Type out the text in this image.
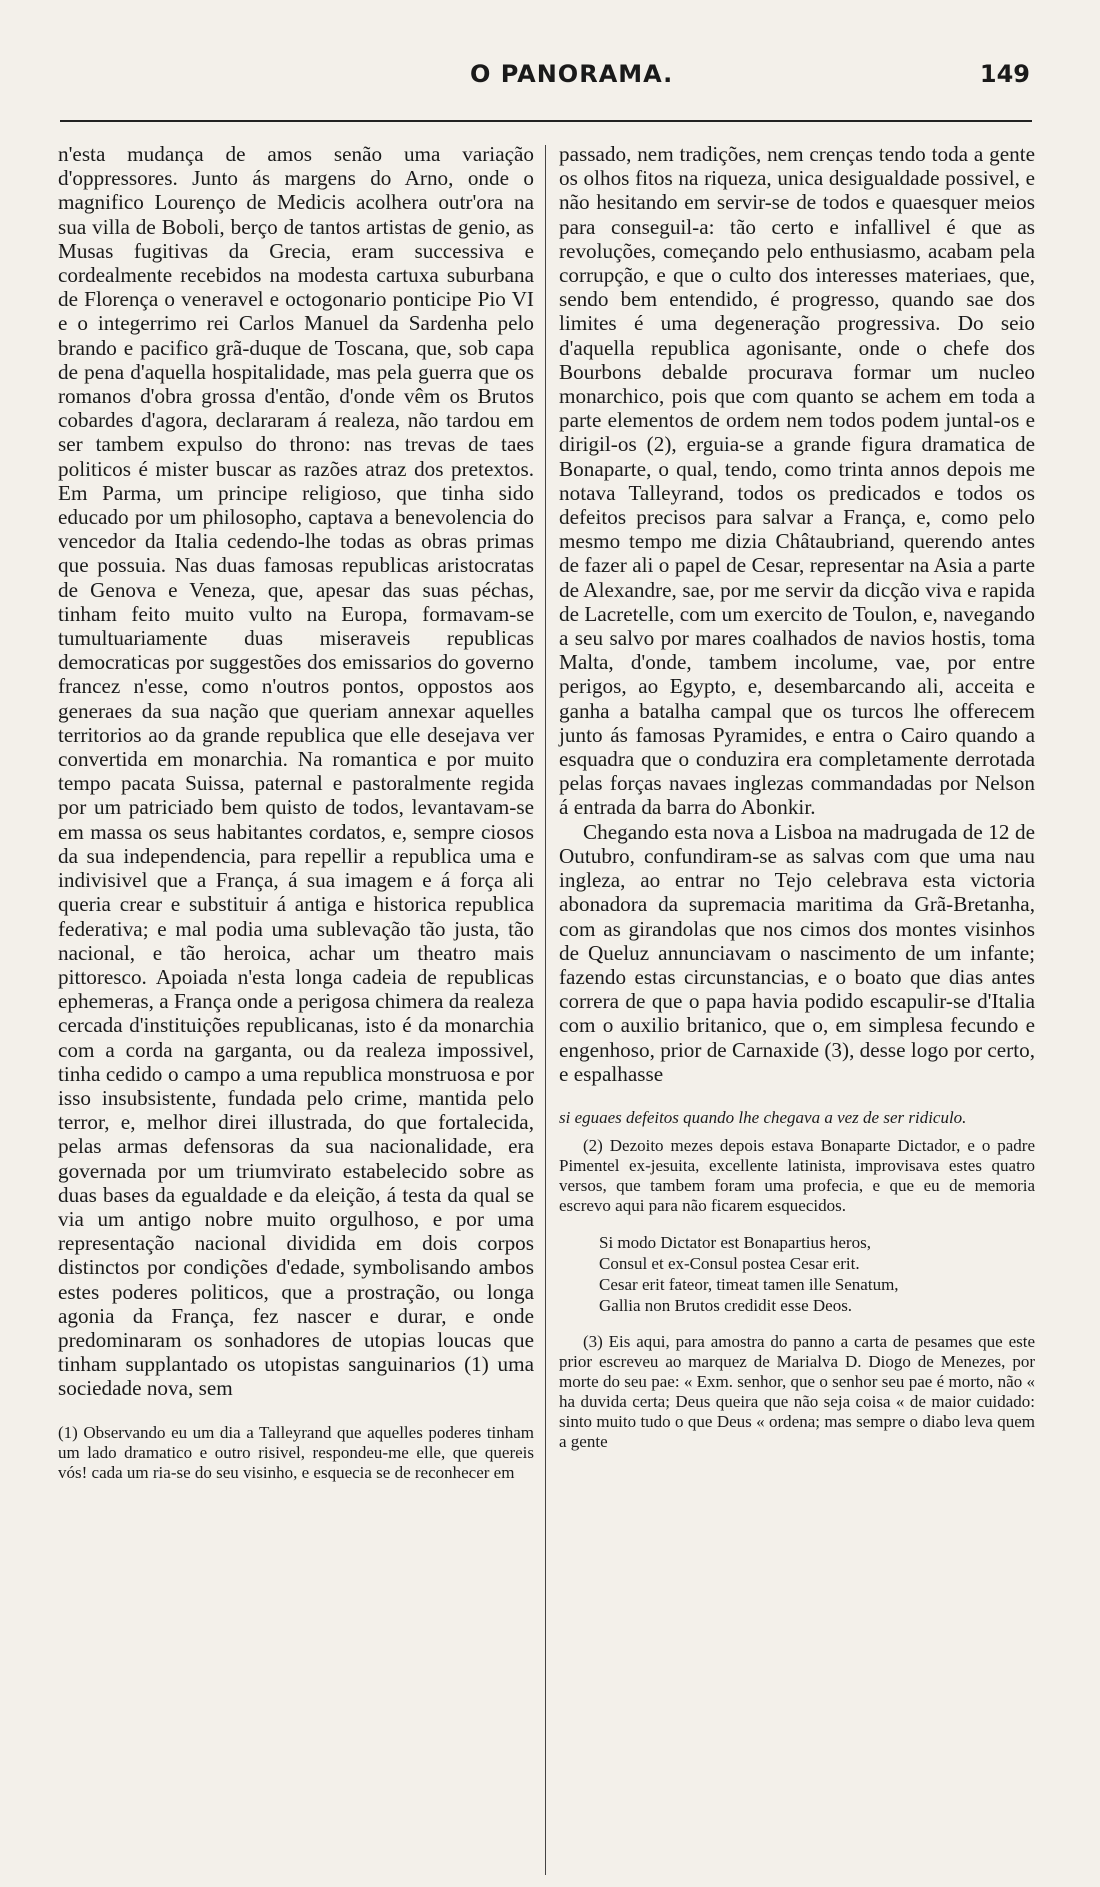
O PANORAMA.	149

n'esta mudança de amos senão uma variação d'oppressores. Junto ás margens do Arno, onde o magnifico Lourenço de Medicis acolhera outr'ora na sua villa de Boboli, berço de tantos artistas de genio, as Musas fugitivas da Grecia, eram successiva e cordealmente recebidos na modesta cartuxa suburbana de Florença o veneravel e octogonario ponticipe Pio VI e o integerrimo rei Carlos Manuel da Sardenha pelo brando e pacifico grã-duque de Toscana, que, sob capa de pena d'aquella hospitalidade, mas pela guerra que os romanos d'obra grossa d'então, d'onde vêm os Brutos cobardes d'agora, declararam á realeza, não tardou em ser tambem expulso do throno: nas trevas de taes politicos é mister buscar as razões atraz dos pretextos. Em Parma, um principe religioso, que tinha sido educado por um philosopho, captava a benevolencia do vencedor da Italia cedendo-lhe todas as obras primas que possuia. Nas duas famosas republicas aristocratas de Genova e Veneza, que, apesar das suas péchas, tinham feito muito vulto na Europa, formavam-se tumultuariamente duas miseraveis republicas democraticas por suggestões dos emissarios do governo francez n'esse, como n'outros pontos, oppostos aos generaes da sua nação que queriam annexar aquelles territorios ao da grande republica que elle desejava ver convertida em monarchia. Na romantica e por muito tempo pacata Suissa, paternal e pastoralmente regida por um patriciado bem quisto de todos, levantavam-se em massa os seus habitantes cordatos, e, sempre ciosos da sua independencia, para repellir a republica uma e indivisivel que a França, á sua imagem e á força ali queria crear e substituir á antiga e historica republica federativa; e mal podia uma sublevação tão justa, tão nacional, e tão heroica, achar um theatro mais pittoresco. Apoiada n'esta longa cadeia de republicas ephemeras, a França onde a perigosa chimera da realeza cercada d'instituições republicanas, isto é da monarchia com a corda na garganta, ou da realeza impossivel, tinha cedido o campo a uma republica monstruosa e por isso insubsistente, fundada pelo crime, mantida pelo terror, e, melhor direi illustrada, do que fortalecida, pelas armas defensoras da sua nacionalidade, era governada por um triumvirato estabelecido sobre as duas bases da egualdade e da eleição, á testa da qual se via um antigo nobre muito orgulhoso, e por uma representação nacional dividida em dois corpos distinctos por condições d'edade, symbolisando ambos estes poderes politicos, que a prostração, ou longa agonia da França, fez nascer e durar, e onde predominaram os sonhadores de utopias loucas que tinham supplantado os utopistas sanguinarios (1) uma sociedade nova, sem

(1) Observando eu um dia a Talleyrand que aquelles poderes tinham um lado dramatico e outro risivel, respondeu-me elle, que quereis vós! cada um ria-se do seu visinho, e esquecia se de reconhecer em

passado, nem tradições, nem crenças tendo toda a gente os olhos fitos na riqueza, unica desigualdade possivel, e não hesitando em servir-se de todos e quaesquer meios para conseguil-a: tão certo e infallivel é que as revoluções, começando pelo enthusiasmo, acabam pela corrupção, e que o culto dos interesses materiaes, que, sendo bem entendido, é progresso, quando sae dos limites é uma degeneração progressiva. Do seio d'aquella republica agonisante, onde o chefe dos Bourbons debalde procurava formar um nucleo monarchico, pois que com quanto se achem em toda a parte elementos de ordem nem todos podem juntal-os e dirigil-os (2), erguia-se a grande figura dramatica de Bonaparte, o qual, tendo, como trinta annos depois me notava Talleyrand, todos os predicados e todos os defeitos precisos para salvar a França, e, como pelo mesmo tempo me dizia Châtaubriand, querendo antes de fazer ali o papel de Cesar, representar na Asia a parte de Alexandre, sae, por me servir da dicção viva e rapida de Lacretelle, com um exercito de Toulon, e, navegando a seu salvo por mares coalhados de navios hostis, toma Malta, d'onde, tambem incolume, vae, por entre perigos, ao Egypto, e, desembarcando ali, acceita e ganha a batalha campal que os turcos lhe offerecem junto ás famosas Pyramides, e entra o Cairo quando a esquadra que o conduzira era completamente derrotada pelas forças navaes inglezas commandadas por Nelson á entrada da barra do Abonkir.

Chegando esta nova a Lisboa na madrugada de 12 de Outubro, confundiram-se as salvas com que uma nau ingleza, ao entrar no Tejo celebrava esta victoria abonadora da supremacia maritima da Grã-Bretanha, com as girandolas que nos cimos dos montes visinhos de Queluz annunciavam o nascimento de um infante; fazendo estas circunstancias, e o boato que dias antes correra de que o papa havia podido escapulir-se d'Italia com o auxilio britanico, que o, em simplesa fecundo e engenhoso, prior de Carnaxide (3), desse logo por certo, e espalhasse

si eguaes defeitos quando lhe chegava a vez de ser ridiculo.

(2) Dezoito mezes depois estava Bonaparte Dictador, e o padre Pimentel ex-jesuita, excellente latinista, improvisava estes quatro versos, que tambem foram uma profecia, e que eu de memoria escrevo aqui para não ficarem esquecidos.

Si modo Dictator est Bonapartius heros,
Consul et ex-Consul postea Cesar erit.
Cesar erit fateor, timeat tamen ille Senatum,
Gallia non Brutos credidit esse Deos.

(3) Eis aqui, para amostra do panno a carta de pesames que este prior escreveu ao marquez de Marialva D. Diogo de Menezes, por morte do seu pae: « Exm. senhor, que o senhor seu pae é morto, não « ha duvida certa; Deus queira que não seja coisa « de maior cuidado: sinto muito tudo o que Deus « ordena; mas sempre o diabo leva quem a gente
